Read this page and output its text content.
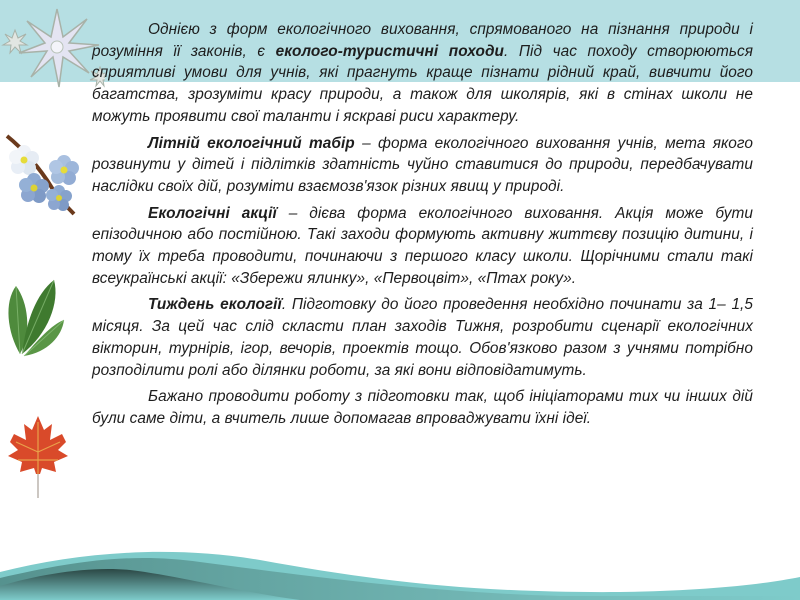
Однією з форм екологічного виховання, спрямованого на пізнання природи і розуміння її законів, є еколого-туристичні походи. Під час походу створюються сприятливі умови для учнів, які прагнуть краще пізнати рідний край, вивчити його багатства, зрозуміти красу природи, а також для школярів, які в стінах школи не можуть проявити свої таланти і яскраві риси характеру.

Літній екологічний табір – форма екологічного виховання учнів, мета якого розвинути у дітей і підлітків здатність чуйно ставитися до природи, передбачувати наслідки своїх дій, розуміти взаємозв'язок різних явищ у природі.

Екологічні акції – дієва форма екологічного виховання. Акція може бути епізодичною або постійною. Такі заходи формують активну життєву позицію дитини, і тому їх треба проводити, починаючи з першого класу школи. Щорічними стали такі всеукраїнські акції: «Збережи ялинку», «Первоцвіт», «Птах року».

Тиждень екології. Підготовку до його проведення необхідно починати за 1– 1,5 місяця. За цей час слід скласти план заходів Тижня, розробити сценарії екологічних вікторин, турнірів, ігор, вечорів, проектів тощо. Обов'язково разом з учнями потрібно розподілити ролі або ділянки роботи, за які вони відповідатимуть.

Бажано проводити роботу з підготовки так, щоб ініціаторами тих чи інших дій були саме діти, а вчитель лише допомагав впроваджувати їхні ідеї.
